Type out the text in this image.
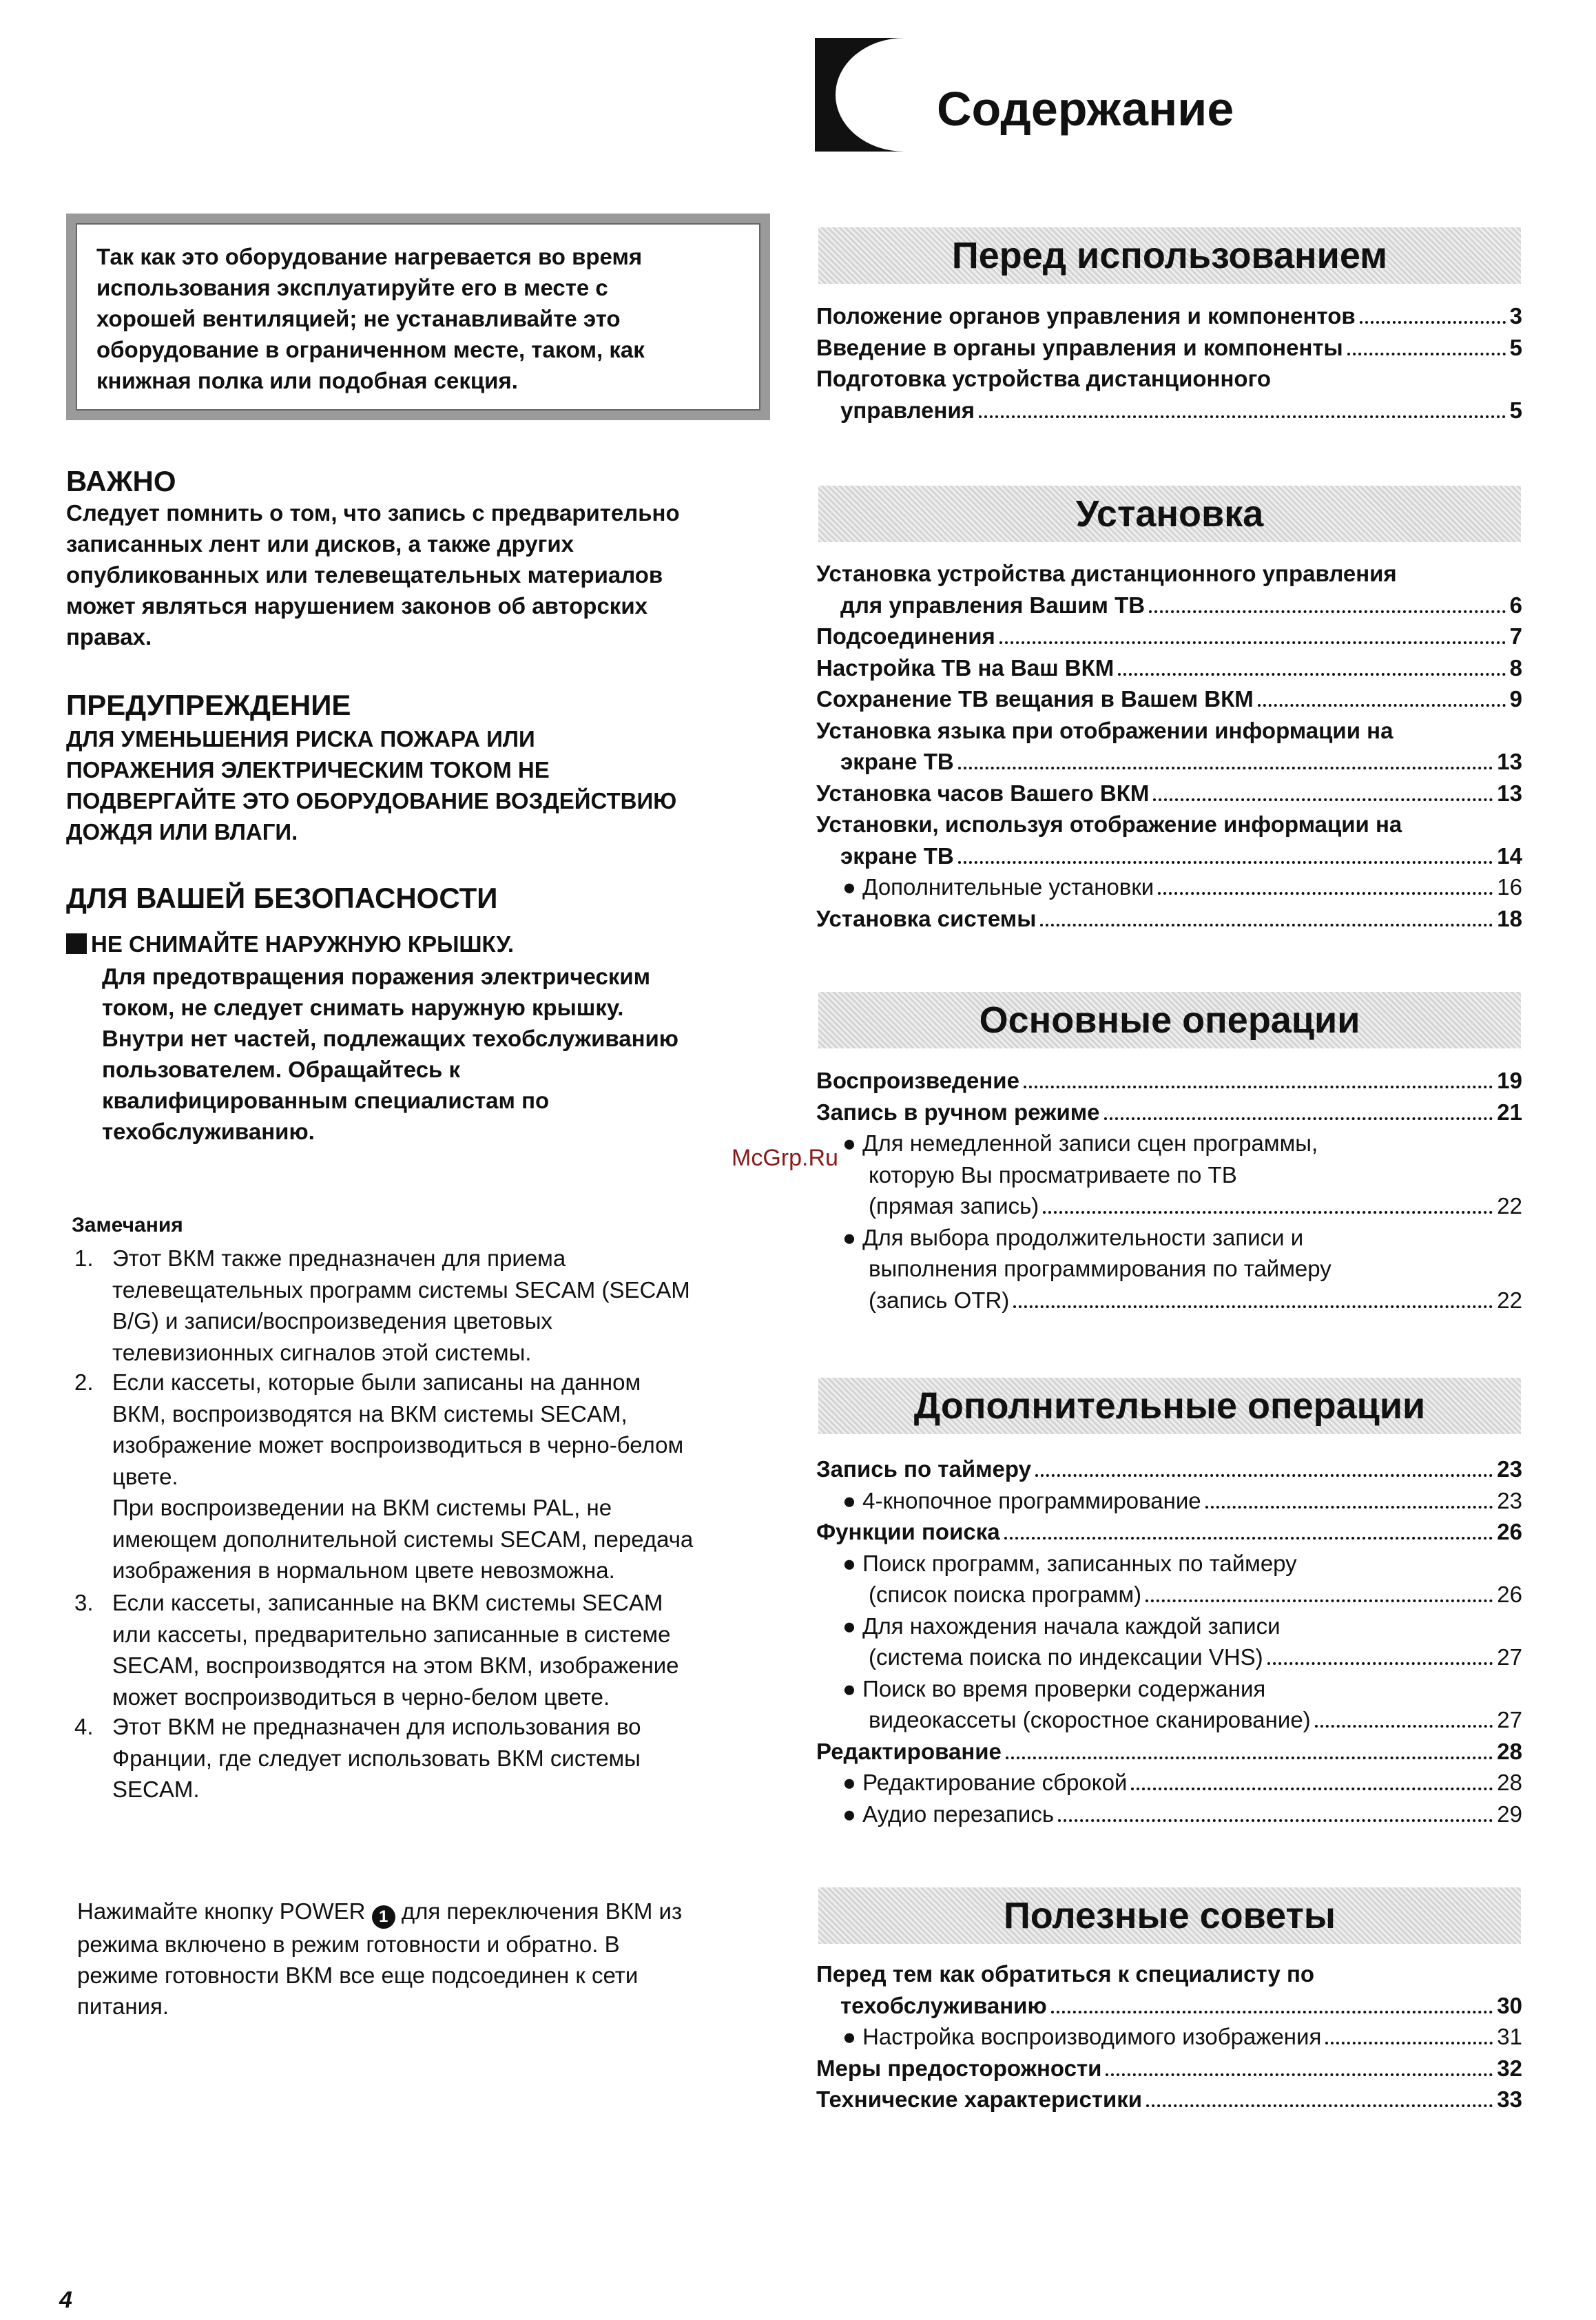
Содержание
Так как это оборудование нагревается во время
использования эксплуатируйте его в месте с
хорошей вентиляцией; не устанавливайте это
оборудование в ограниченном месте, таком, как
книжная полка или подобная секция.
ВАЖНО
Следует помнить о том, что запись с предварительно
записанных лент или дисков, а также других
опубликованных или телевещательных материалов
может являться нарушением законов об авторских
правах.
ПРЕДУПРЕЖДЕНИЕ
ДЛЯ УМЕНЬШЕНИЯ РИСКА ПОЖАРА ИЛИ
ПОРАЖЕНИЯ ЭЛЕКТРИЧЕСКИМ ТОКОМ НЕ
ПОДВЕРГАЙТЕ ЭТО ОБОРУДОВАНИЕ ВОЗДЕЙСТВИЮ
ДОЖДЯ ИЛИ ВЛАГИ.
ДЛЯ ВАШЕЙ БЕЗОПАСНОСТИ
НЕ СНИМАЙТЕ НАРУЖНУЮ КРЫШКУ.
Для предотвращения поражения электрическим
током, не следует снимать наружную крышку.
Внутри нет частей, подлежащих техобслуживанию
пользователем. Обращайтесь к
квалифицированным специалистам по
техобслуживанию.
McGrp.Ru
Замечания
1. Этот ВКМ также предназначен для приема
телевещательных программ системы SECAM (SECAM
B/G) и записи/воспроизведения цветовых
телевизионных сигналов этой системы.
2. Если кассеты, которые были записаны на данном
ВКМ, воспроизводятся на ВКМ системы SECAM,
изображение может воспроизводиться в черно-белом
цвете.
При воспроизведении на ВКМ системы PAL, не
имеющем дополнительной системы SECAM, передача
изображения в нормальном цвете невозможна.
3. Если кассеты, записанные на ВКМ системы SECAM
или кассеты, предварительно записанные в системе
SECAM, воспроизводятся на этом ВКМ, изображение
может воспроизводиться в черно-белом цвете.
4. Этот ВКМ не предназначен для использования во
Франции, где следует использовать ВКМ системы
SECAM.
Нажимайте кнопку POWER 1 для переключения ВКМ из
режима включено в режим готовности и обратно. В
режиме готовности ВКМ все еще подсоединен к сети
питания.
Перед использованием
Положение органов управления и компонентов	3
Введение в органы управления и компоненты	5
Подготовка устройства дистанционного
управления	5
Установка
Установка устройства дистанционного управления
для управления Вашим ТВ	6
Подсоединения	7
Настройка ТВ на Ваш ВКМ	8
Сохранение ТВ вещания в Вашем ВКМ	9
Установка языка при отображении информации на
экране ТВ	13
Установка часов Вашего ВКМ	13
Установки, используя отображение информации на
экране ТВ	14
● Дополнительные установки	16
Установка системы	18
Основные операции
Воспроизведение	19
Запись в ручном режиме	21
● Для немедленной записи сцен программы,
которую Вы просматриваете по ТВ
(прямая запись)	22
● Для выбора продолжительности записи и
выполнения программирования по таймеру
(запись OTR)	22
Дополнительные операции
Запись по таймеру	23
● 4-кнопочное программирование	23
Функции поиска	26
● Поиск программ, записанных по таймеру
(список поиска программ)	26
● Для нахождения начала каждой записи
(система поиска по индексации VHS)	27
● Поиск во время проверки содержания
видеокассеты (скоростное сканирование)	27
Редактирование	28
● Редактирование сброкой	28
● Аудио перезапись	29
Полезные советы
Перед тем как обратиться к специалисту по
техобслуживанию	30
● Настройка воспроизводимого изображения	31
Меры предосторожности	32
Технические характеристики	33
4
